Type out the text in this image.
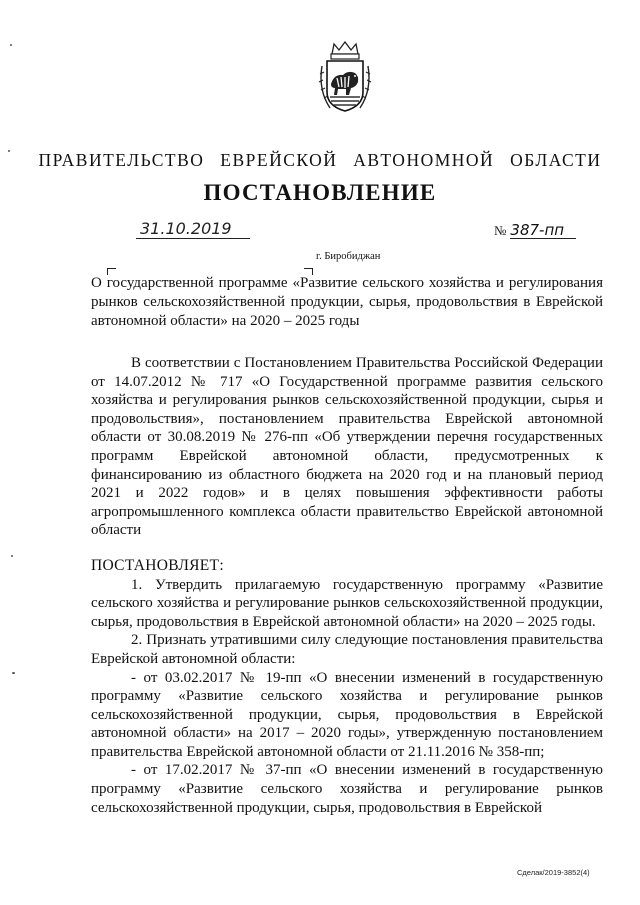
ПРАВИТЕЛЬСТВО ЕВРЕЙСКОЙ АВТОНОМНОЙ ОБЛАСТИ
ПОСТАНОВЛЕНИЕ
31.10.2019	№ 387-пп
г. Биробиджан
О государственной программе «Развитие сельского хозяйства и регулирования рынков сельскохозяйственной продукции, сырья, продовольствия в Еврейской автономной области» на 2020 – 2025 годы

В соответствии с Постановлением Правительства Российской Федерации от 14.07.2012 № 717 «О Государственной программе развития сельского хозяйства и регулирования рынков сельскохозяйственной продукции, сырья и продовольствия», постановлением правительства Еврейской автономной области от 30.08.2019 № 276-пп «Об утверждении перечня государственных программ Еврейской автономной области, предусмотренных к финансированию из областного бюджета на 2020 год и на плановый период 2021 и 2022 годов» и в целях повышения эффективности работы агропромышленного комплекса области правительство Еврейской автономной области

ПОСТАНОВЛЯЕТ:

1. Утвердить прилагаемую государственную программу «Развитие сельского хозяйства и регулирование рынков сельскохозяйственной продукции, сырья, продовольствия в Еврейской автономной области» на 2020 – 2025 годы.

2. Признать утратившими силу следующие постановления правительства Еврейской автономной области:

- от 03.02.2017 № 19-пп «О внесении изменений в государственную программу «Развитие сельского хозяйства и регулирование рынков сельскохозяйственной продукции, сырья, продовольствия в Еврейской автономной области» на 2017 – 2020 годы», утвержденную постановлением правительства Еврейской автономной области от 21.11.2016 № 358-пп;

- от 17.02.2017 № 37-пп «О внесении изменений в государственную программу «Развитие сельского хозяйства и регулирование рынков сельскохозяйственной продукции, сырья, продовольствия в Еврейской

Сделак/2019-3852(4)
